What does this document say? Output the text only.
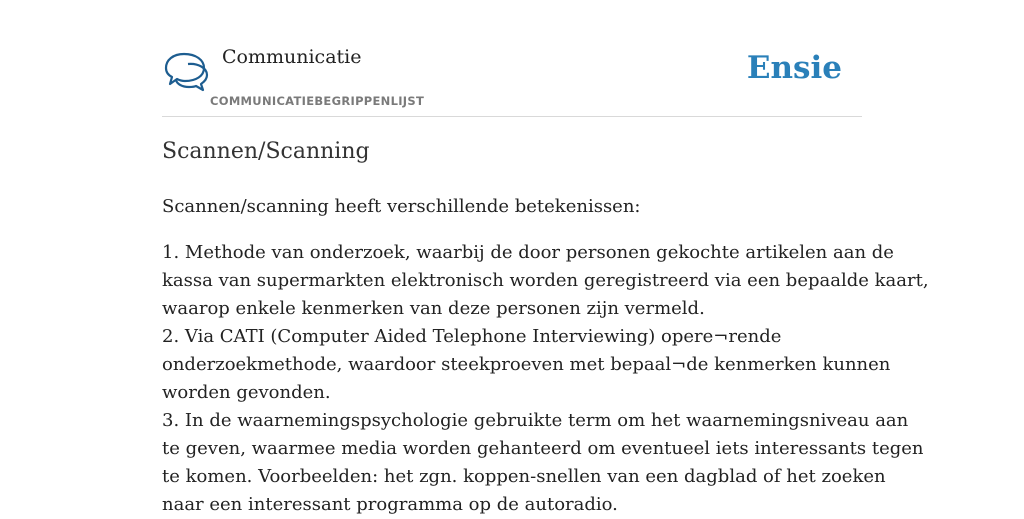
Communicatie
COMMUNICATIEBEGRIPPENLIJST
Ensie
Scannen/Scanning

Scannen/scanning heeft verschillende betekenissen:

1. Methode van onderzoek, waarbij de door personen gekochte artikelen aan de
kassa van supermarkten elektronisch worden geregistreerd via een bepaalde kaart,
waarop enkele kenmerken van deze personen zijn vermeld.
2. Via CATI (Computer Aided Telephone Interviewing) opere¬rende
onderzoekmethode, waardoor steekproeven met bepaal¬de kenmerken kunnen
worden gevonden.
3. In de waarnemingspsychologie gebruikte term om het waarnemingsniveau aan
te geven, waarmee media worden gehanteerd om eventueel iets interessants tegen
te komen. Voorbeelden: het zgn. koppen-snellen van een dagblad of het zoeken
naar een interessant programma op de autoradio.
